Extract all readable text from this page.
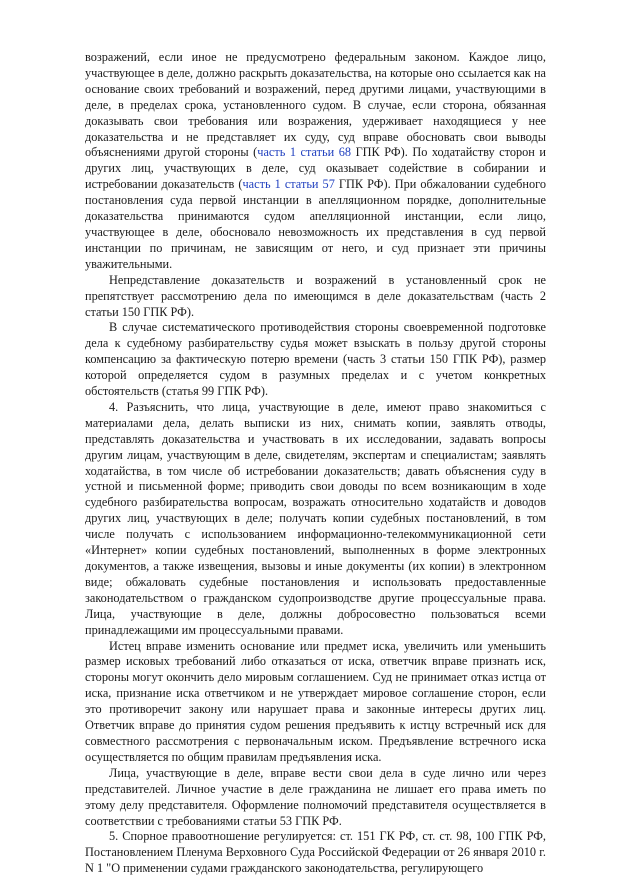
возражений, если иное не предусмотрено федеральным законом. Каждое лицо, участвующее в деле, должно раскрыть доказательства, на которые оно ссылается как на основание своих требований и возражений, перед другими лицами, участвующими в деле, в пределах срока, установленного судом. В случае, если сторона, обязанная доказывать свои требования или возражения, удерживает находящиеся у нее доказательства и не представляет их суду, суд вправе обосновать свои выводы объяснениями другой стороны (часть 1 статьи 68 ГПК РФ). По ходатайству сторон и других лиц, участвующих в деле, суд оказывает содействие в собирании и истребовании доказательств (часть 1 статьи 57 ГПК РФ). При обжаловании судебного постановления суда первой инстанции в апелляционном порядке, дополнительные доказательства принимаются судом апелляционной инстанции, если лицо, участвующее в деле, обосновало невозможность их представления в суд первой инстанции по причинам, не зависящим от него, и суд признает эти причины уважительными.

Непредставление доказательств и возражений в установленный срок не препятствует рассмотрению дела по имеющимся в деле доказательствам (часть 2 статьи 150 ГПК РФ).

В случае систематического противодействия стороны своевременной подготовке дела к судебному разбирательству судья может взыскать в пользу другой стороны компенсацию за фактическую потерю времени (часть 3 статьи 150 ГПК РФ), размер которой определяется судом в разумных пределах и с учетом конкретных обстоятельств (статья 99 ГПК РФ).

4. Разъяснить, что лица, участвующие в деле, имеют право знакомиться с материалами дела, делать выписки из них, снимать копии, заявлять отводы, представлять доказательства и участвовать в их исследовании, задавать вопросы другим лицам, участвующим в деле, свидетелям, экспертам и специалистам; заявлять ходатайства, в том числе об истребовании доказательств; давать объяснения суду в устной и письменной форме; приводить свои доводы по всем возникающим в ходе судебного разбирательства вопросам, возражать относительно ходатайств и доводов других лиц, участвующих в деле; получать копии судебных постановлений, в том числе получать с использованием информационно-телекоммуникационной сети «Интернет» копии судебных постановлений, выполненных в форме электронных документов, а также извещения, вызовы и иные документы (их копии) в электронном виде; обжаловать судебные постановления и использовать предоставленные законодательством о гражданском судопроизводстве другие процессуальные права. Лица, участвующие в деле, должны добросовестно пользоваться всеми принадлежащими им процессуальными правами.

Истец вправе изменить основание или предмет иска, увеличить или уменьшить размер исковых требований либо отказаться от иска, ответчик вправе признать иск, стороны могут окончить дело мировым соглашением. Суд не принимает отказ истца от иска, признание иска ответчиком и не утверждает мировое соглашение сторон, если это противоречит закону или нарушает права и законные интересы других лиц. Ответчик вправе до принятия судом решения предъявить к истцу встречный иск для совместного рассмотрения с первоначальным иском. Предъявление встречного иска осуществляется по общим правилам предъявления иска.

Лица, участвующие в деле, вправе вести свои дела в суде лично или через представителей. Личное участие в деле гражданина не лишает его права иметь по этому делу представителя. Оформление полномочий представителя осуществляется в соответствии с требованиями статьи 53 ГПК РФ.

5. Спорное правоотношение регулируется: ст. 151 ГК РФ, ст. ст. 98, 100 ГПК РФ, Постановлением Пленума Верховного Суда Российской Федерации от 26 января 2010 г. N 1 "О применении судами гражданского законодательства, регулирующего
